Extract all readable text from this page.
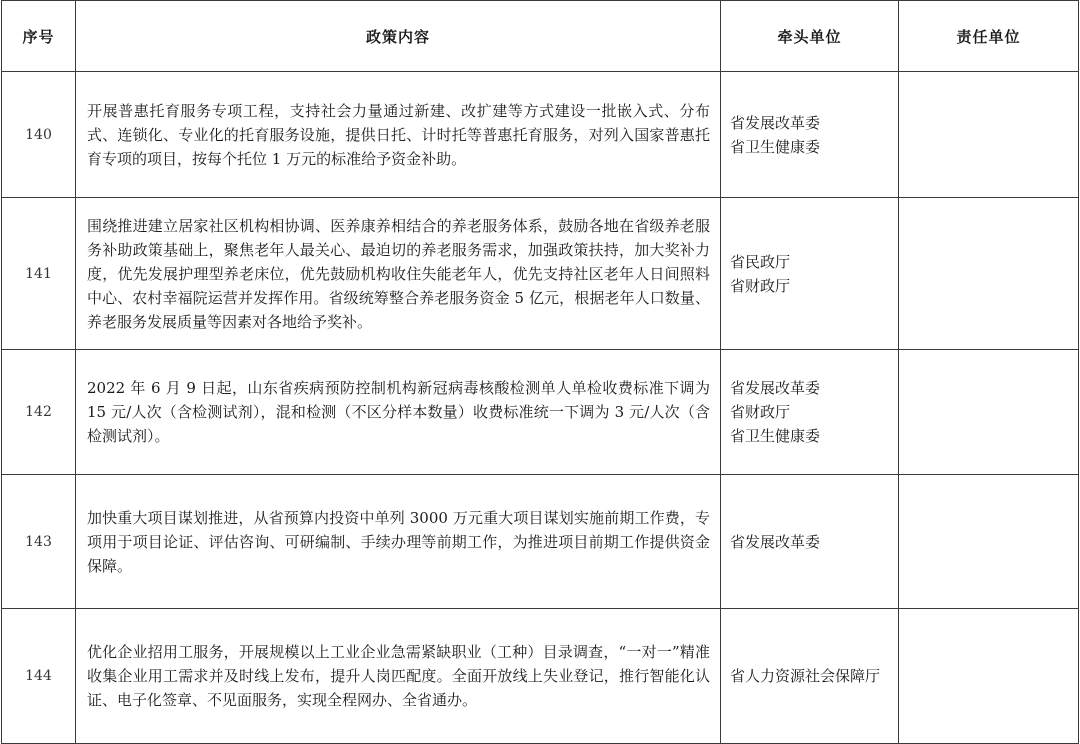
序号	政策内容	牵头单位	责任单位
140	开展普惠托育服务专项工程，支持社会力量通过新建、改扩建等方式建设一批嵌入式、分布式、连锁化、专业化的托育服务设施，提供日托、计时托等普惠托育服务，对列入国家普惠托育专项的项目，按每个托位 1 万元的标准给予资金补助。	省发展改革委
省卫生健康委	

141	围绕推进建立居家社区机构相协调、医养康养相结合的养老服务体系，鼓励各地在省级养老服务补助政策基础上，聚焦老年人最关心、最迫切的养老服务需求，加强政策扶持，加大奖补力度，优先发展护理型养老床位，优先鼓励机构收住失能老年人，优先支持社区老年人日间照料中心、农村幸福院运营并发挥作用。省级统筹整合养老服务资金 5 亿元，根据老年人口数量、养老服务发展质量等因素对各地给予奖补。	省民政厅
省财政厅	

142	2022 年 6 月 9 日起，山东省疾病预防控制机构新冠病毒核酸检测单人单检收费标准下调为 15 元/人次（含检测试剂），混和检测（不区分样本数量）收费标准统一下调为 3 元/人次（含检测试剂）。	省发展改革委
省财政厅
省卫生健康委	

143	加快重大项目谋划推进，从省预算内投资中单列 3000 万元重大项目谋划实施前期工作费，专项用于项目论证、评估咨询、可研编制、手续办理等前期工作，为推进项目前期工作提供资金保障。	省发展改革委	

144	优化企业招用工服务，开展规模以上工业企业急需紧缺职业（工种）目录调查，“一对一”精准收集企业用工需求并及时线上发布，提升人岗匹配度。全面开放线上失业登记，推行智能化认证、电子化签章、不见面服务，实现全程网办、全省通办。	省人力资源社会保障厅	
